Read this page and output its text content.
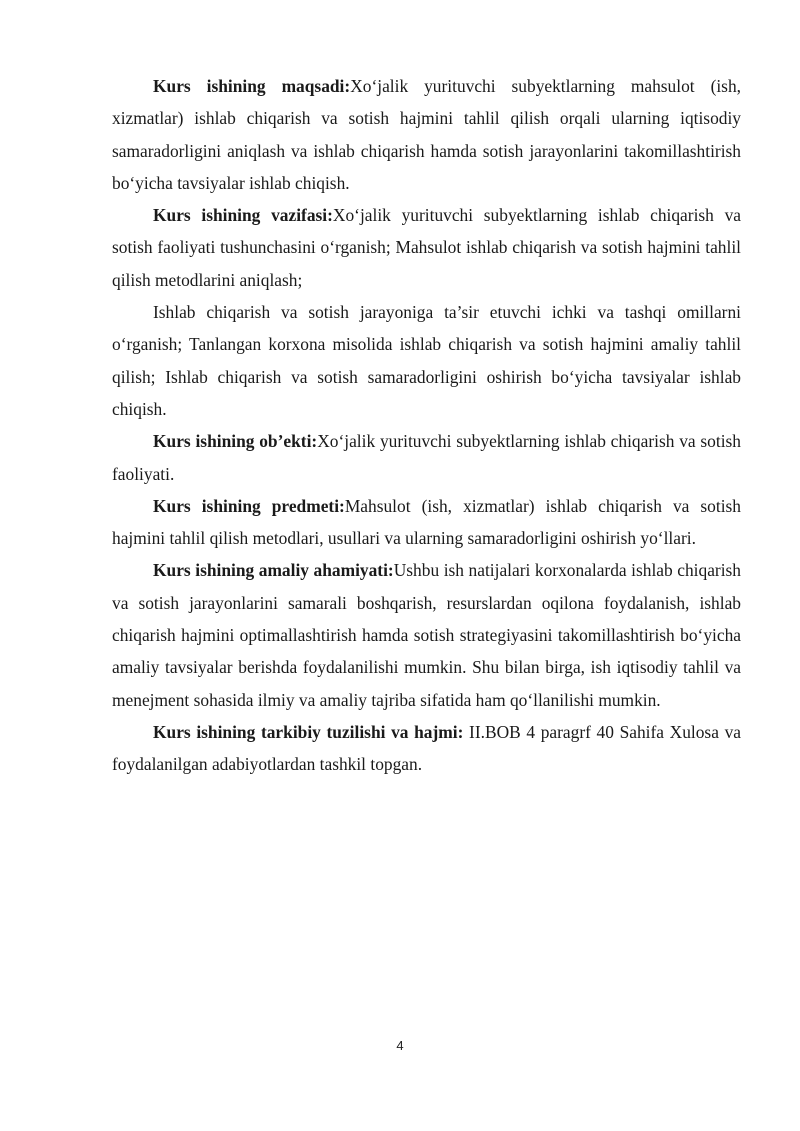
Kurs ishining maqsadi:Xo‘jalik yurituvchi subyektlarning mahsulot (ish, xizmatlar) ishlab chiqarish va sotish hajmini tahlil qilish orqali ularning iqtisodiy samaradorligini aniqlash va ishlab chiqarish hamda sotish jarayonlarini takomillashtirish bo‘yicha tavsiyalar ishlab chiqish.

Kurs ishining vazifasi:Xo‘jalik yurituvchi subyektlarning ishlab chiqarish va sotish faoliyati tushunchasini o‘rganish; Mahsulot ishlab chiqarish va sotish hajmini tahlil qilish metodlarini aniqlash;

Ishlab chiqarish va sotish jarayoniga ta’sir etuvchi ichki va tashqi omillarni o‘rganish; Tanlangan korxona misolida ishlab chiqarish va sotish hajmini amaliy tahlil qilish; Ishlab chiqarish va sotish samaradorligini oshirish bo‘yicha tavsiyalar ishlab chiqish.

Kurs ishining ob’ekti:Xo‘jalik yurituvchi subyektlarning ishlab chiqarish va sotish faoliyati.

Kurs ishining predmeti:Mahsulot (ish, xizmatlar) ishlab chiqarish va sotish hajmini tahlil qilish metodlari, usullari va ularning samaradorligini oshirish yo‘llari.

Kurs ishining amaliy ahamiyati:Ushbu ish natijalari korxonalarda ishlab chiqarish va sotish jarayonlarini samarali boshqarish, resurslardan oqilona foydalanish, ishlab chiqarish hajmini optimallashtirish hamda sotish strategiyasini takomillashtirish bo‘yicha amaliy tavsiyalar berishda foydalanilishi mumkin. Shu bilan birga, ish iqtisodiy tahlil va menejment sohasida ilmiy va amaliy tajriba sifatida ham qo‘llanilishi mumkin.

Kurs ishining tarkibiy tuzilishi va hajmi: II.BOB 4 paragrf 40 Sahifa Xulosa va foydalanilgan adabiyotlardan tashkil topgan.

4
